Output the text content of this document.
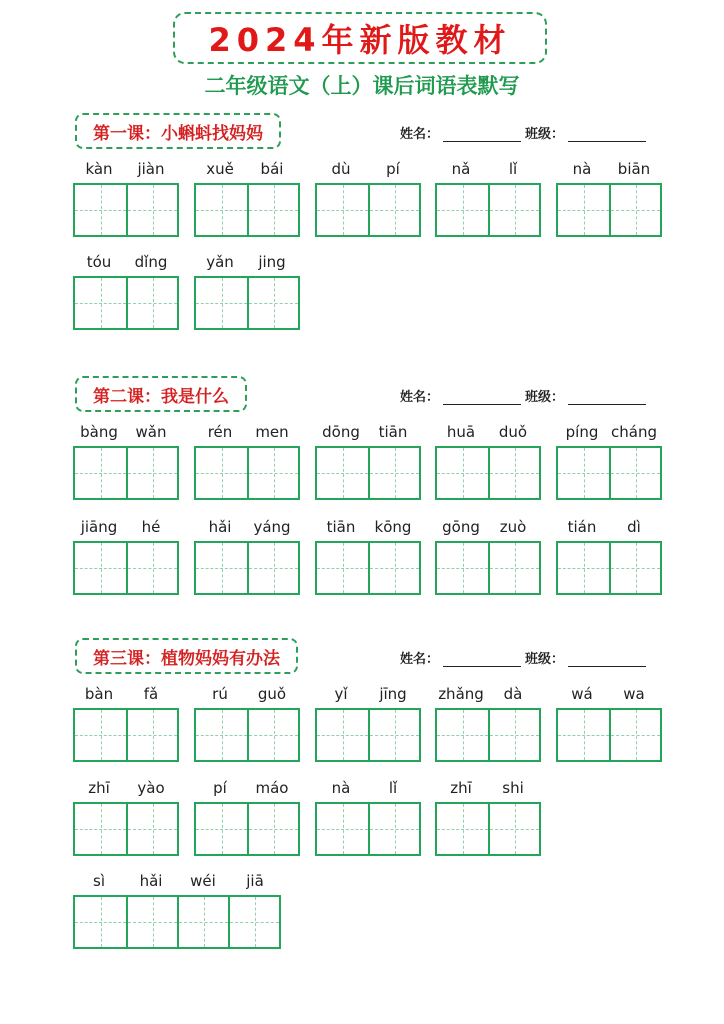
2024年新版教材
二年级语文（上）课后词语表默写
第一课：小蝌蚪找妈妈	姓名：	班级：
kàn	jiàn	xuě	bái	dù	pí	nǎ	lǐ	nà	biān
tóu	dǐng	yǎn	jing
第二课：我是什么	姓名：	班级：
bàng	wǎn	rén	men	dōng	tiān	huā	duǒ	píng cháng
jiāng	hé	hǎi	yáng	tiān	kōng	gōng	zuò	tián	dì
第三课：植物妈妈有办法	姓名：	班级：
bàn	fǎ	rú	guǒ	yǐ	jīng	zhǎng	dà	wá	wa
zhī	yào	pí	máo	nà	lǐ	zhī	shi
sì	hǎi	wéi	jiā
